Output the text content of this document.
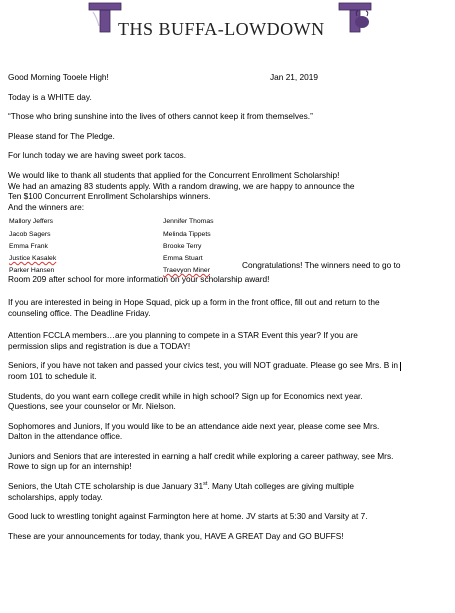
THS BUFFA-LOWDOWN
Good Morning Tooele High!	Jan 21, 2019

Today is a WHITE day.

“Those who bring sunshine into the lives of others cannot keep it from themselves.”

Please stand for The Pledge.

For lunch today we are having sweet pork tacos.

We would like to thank all students that applied for the Concurrent Enrollment Scholarship!

We had an amazing 83 students apply. With a random drawing, we are happy to announce the

Ten $100 Concurrent Enrollment Scholarships winners.

And the winners are:

Mallory Jeffers
Jacob Sagers
Emma Frank
Justice Kasalek
Parker Hansen
Jennifer Thomas
Melinda Tippets
Brooke Terry
Emma Stuart
Traevyon Miner
Congratulations! The winners need to go to

Room 209 after school for more information on your scholarship award!

If you are interested in being in Hope Squad, pick up a form in the front office, fill out and return to the

counseling office. The Deadline Friday.

Attention FCCLA members…are you planning to compete in a STAR Event this year? If you are

permission slips and registration is due a TODAY!

Seniors, if you have not taken and passed your civics test, you will NOT graduate. Please go see Mrs. B in

room 101 to schedule it.

Students, do you want earn college credit while in high school? Sign up for Economics next year.

Questions, see your counselor or Mr. Nielson.

Sophomores and Juniors, If you would like to be an attendance aide next year, please come see Mrs.

Dalton in the attendance office.

Juniors and Seniors that are interested in earning a half credit while exploring a career pathway, see Mrs.

Rowe to sign up for an internship!

Seniors, the Utah CTE scholarship is due January 31st. Many Utah colleges are giving multiple

scholarships, apply today.

Good luck to wrestling tonight against Farmington here at home. JV starts at 5:30 and Varsity at 7.

These are your announcements for today, thank you, HAVE A GREAT Day and GO BUFFS!
